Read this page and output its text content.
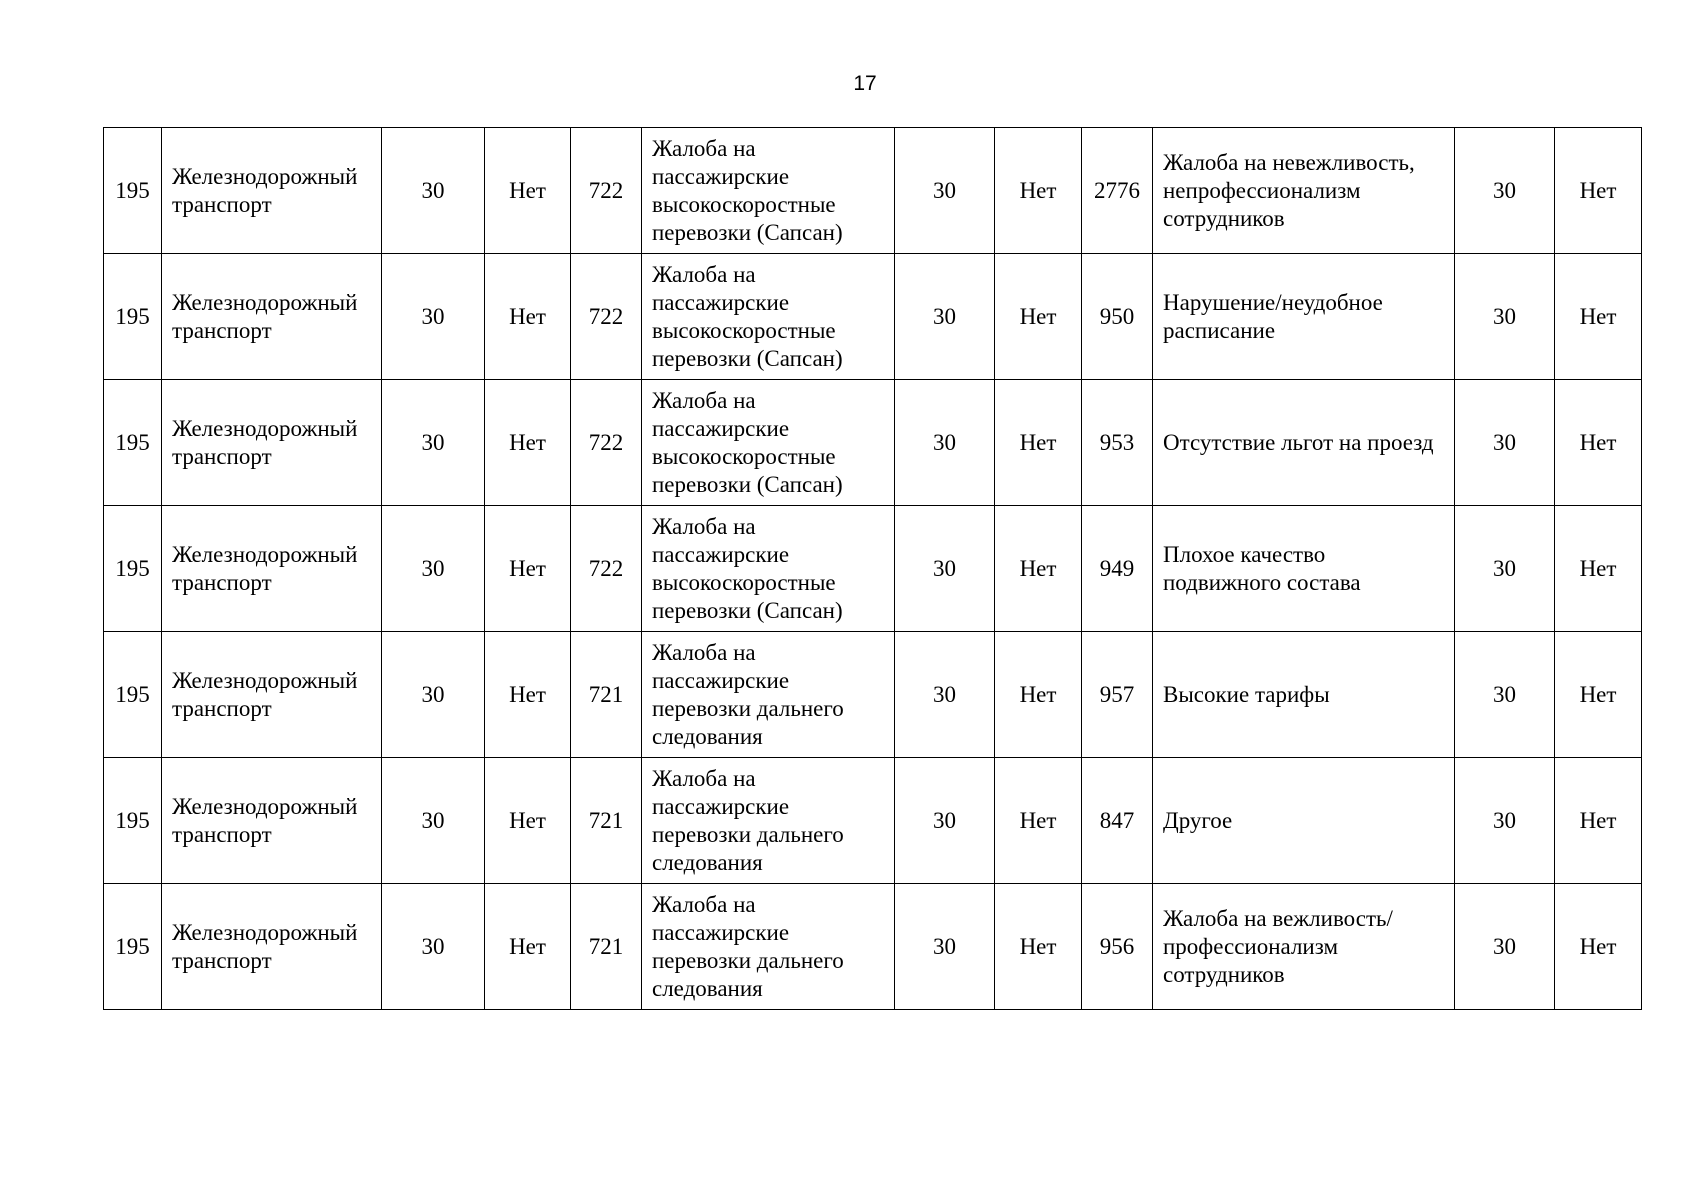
17
195	Железнодорожный транспорт	30	Нет	722	Жалоба на пассажирские высокоскоростные перевозки (Сапсан)	30	Нет	2776	Жалоба на невежливость, непрофессионализм сотрудников	30	Нет
195	Железнодорожный транспорт	30	Нет	722	Жалоба на пассажирские высокоскоростные перевозки (Сапсан)	30	Нет	950	Нарушение/неудобное расписание	30	Нет
195	Железнодорожный транспорт	30	Нет	722	Жалоба на пассажирские высокоскоростные перевозки (Сапсан)	30	Нет	953	Отсутствие льгот на проезд	30	Нет
195	Железнодорожный транспорт	30	Нет	722	Жалоба на пассажирские высокоскоростные перевозки (Сапсан)	30	Нет	949	Плохое качество подвижного состава	30	Нет
195	Железнодорожный транспорт	30	Нет	721	Жалоба на пассажирские перевозки дальнего следования	30	Нет	957	Высокие тарифы	30	Нет
195	Железнодорожный транспорт	30	Нет	721	Жалоба на пассажирские перевозки дальнего следования	30	Нет	847	Другое	30	Нет
195	Железнодорожный транспорт	30	Нет	721	Жалоба на пассажирские перевозки дальнего следования	30	Нет	956	Жалоба на вежливость/профессионализм сотрудников	30	Нет
